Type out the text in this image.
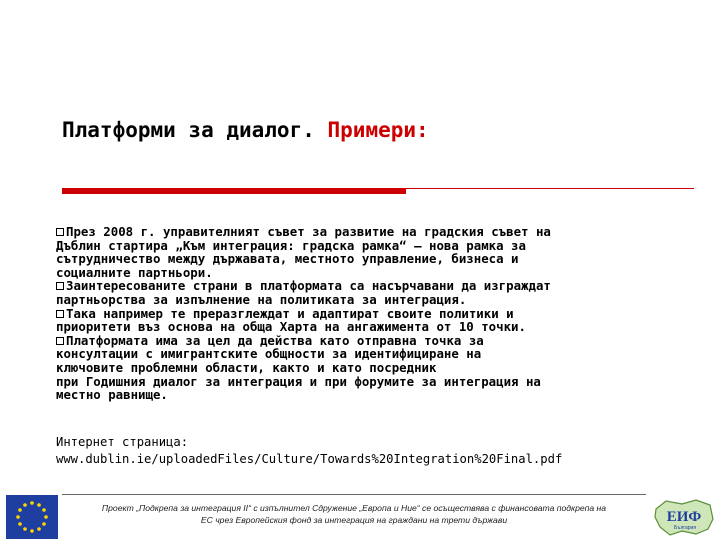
Платформи за диалог. Примери:

През 2008 г. управителният съвет за развитие на градския съвет на
Дъблин стартира „Към интеграция: градска рамка“ — нова рамка за
сътрудничество между държавата, местното управление, бизнеса и
социалните партньори.

Заинтересованите страни в платформата са насърчавани да изграждат
партньорства за изпълнение на политиката за интеграция.

Така например те преразглеждат и адаптират своите политики и
приоритети въз основа на обща Харта на ангажимента от 10 точки.

Платформата има за цел да действа като отправна точка за
консултации с имигрантските общности за идентифициране на
ключовите проблемни области, както и като посредник
при Годишния диалог за интеграция и при форумите за интеграция на
местно равнище.

Интернет страница:
www.dublin.ie/uploadedFiles/Culture/Towards%20Integration%20Final.pdf
Проект „Подкрепа за интеграция II“ с изпълнител Сдружение „Европа и Ние“ се осъществява с финансовата подкрепа на
ЕС чрез Европейския фонд за интеграция на граждани на трети държави	ЕИФ
България
